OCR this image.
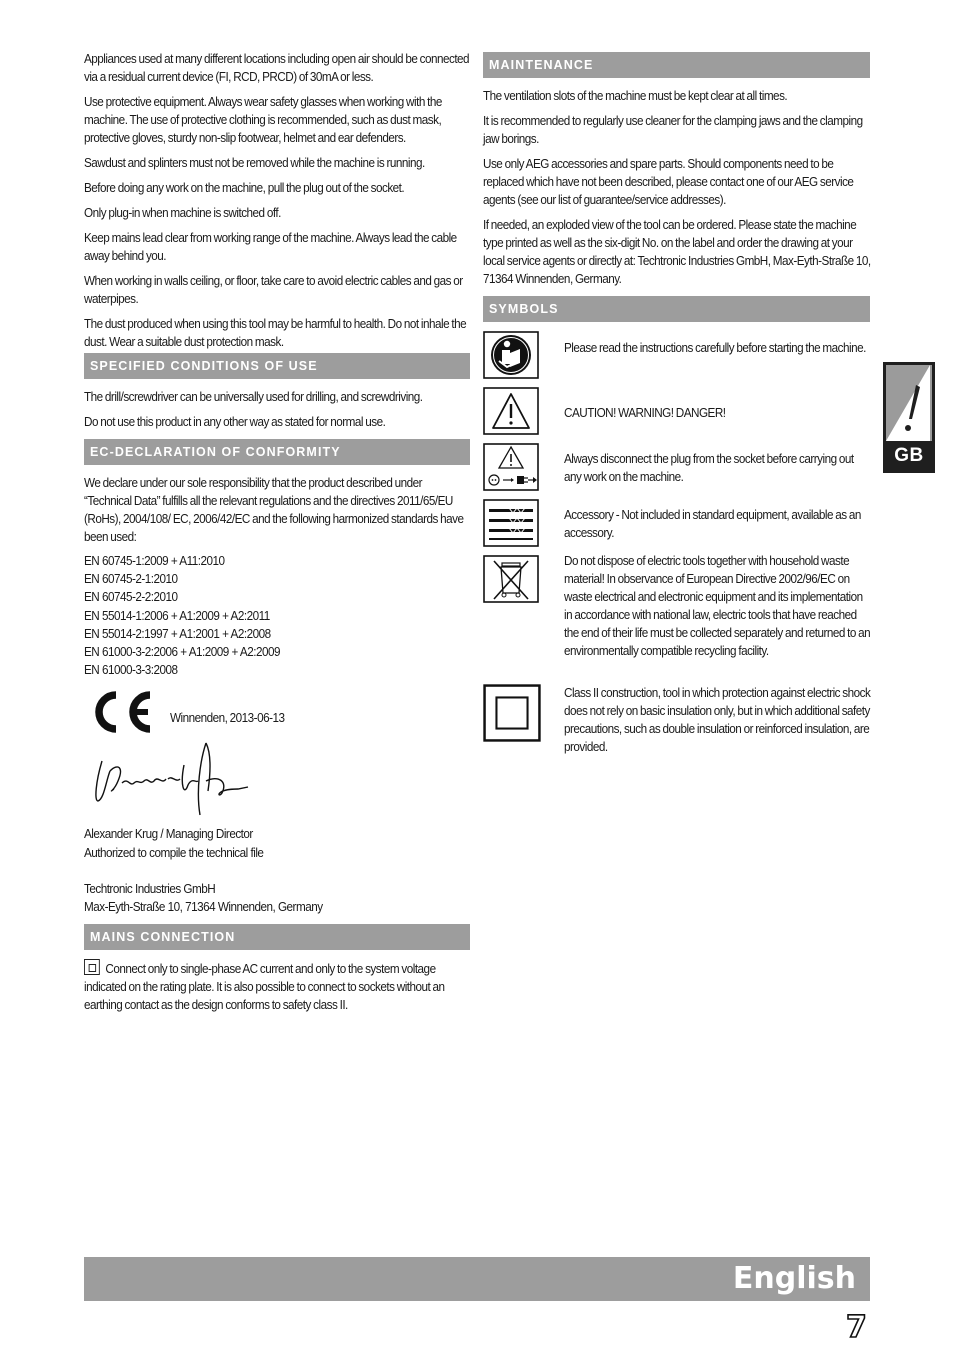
Appliances used at many different locations including open air should be connected via a residual current device (FI, RCD, PRCD) of 30mA or less.

Use protective equipment. Always wear safety glasses when working with the machine. The use of protective clothing is recommended, such as dust mask, protective gloves, sturdy non-slip footwear, helmet and ear defenders.

Sawdust and splinters must not be removed while the machine is running.

Before doing any work on the machine, pull the plug out of the socket.

Only plug-in when machine is switched off.

Keep mains lead clear from working range of the machine. Always lead the cable away behind you.

When working in walls ceiling, or floor, take care to avoid electric cables and gas or waterpipes.

The dust produced when using this tool may be harmful to health. Do not inhale the dust. Wear a suitable dust protection mask.

SPECIFIED CONDITIONS OF USE

The drill/screwdriver can be universally used for drilling, and screwdriving.

Do not use this product in any other way as stated for normal use.

EC-DECLARATION OF CONFORMITY

We declare under our sole responsibility that the product described under “Technical Data” fulfills all the relevant regulations and the directives 2011/65/EU (RoHs), 2004/108/ EC, 2006/42/EC and the following harmonized standards have been used:

EN 60745-1:2009 + A11:2010
EN 60745-2-1:2010
EN 60745-2-2:2010
EN 55014-1:2006 + A1:2009 + A2:2011
EN 55014-2:1997 + A1:2001 + A2:2008
EN 61000-3-2:2006 + A1:2009 + A2:2009
EN 61000-3-3:2008
Winnenden, 2013-06-13
Alexander Krug / Managing Director
Authorized to compile the technical file
Techtronic Industries GmbH
Max-Eyth-Straße 10, 71364 Winnenden, Germany
MAINS CONNECTION

Connect only to single-phase AC current and only to the system voltage indicated on the rating plate. It is also possible to connect to sockets without an earthing contact as the design conforms to safety class II.

MAINTENANCE

The ventilation slots of the machine must be kept clear at all times.

It is recommended to regularly use cleaner for the clamping jaws and the clamping jaw borings.

Use only AEG accessories and spare parts. Should components need to be replaced which have not been described, please contact one of our AEG service agents (see our list of guarantee/service addresses).

If needed, an exploded view of the tool can be ordered. Please state the machine type printed as well as the six-digit No. on the label and order the drawing at your local service agents or directly at: Techtronic Industries GmbH, Max-Eyth-Straße 10, 71364 Winnenden, Germany.

SYMBOLS
Please read the instructions carefully before starting the machine.
CAUTION! WARNING! DANGER!
Always disconnect the plug from the socket before carrying out any work on the machine.
Accessory - Not included in standard equipment, available as an accessory.
Do not dispose of electric tools together with household waste material! In observance of European Directive 2002/96/EC on waste electrical and electronic equipment and its implementation in accordance with national law, electric tools that have reached the end of their life must be collected separately and returned to an environmentally compatible recycling facility.
Class II construction, tool in which protection against electric shock does not rely on basic insulation only, but in which additional safety precautions, such as double insulation or reinforced insulation, are provided.
GB
English
7
